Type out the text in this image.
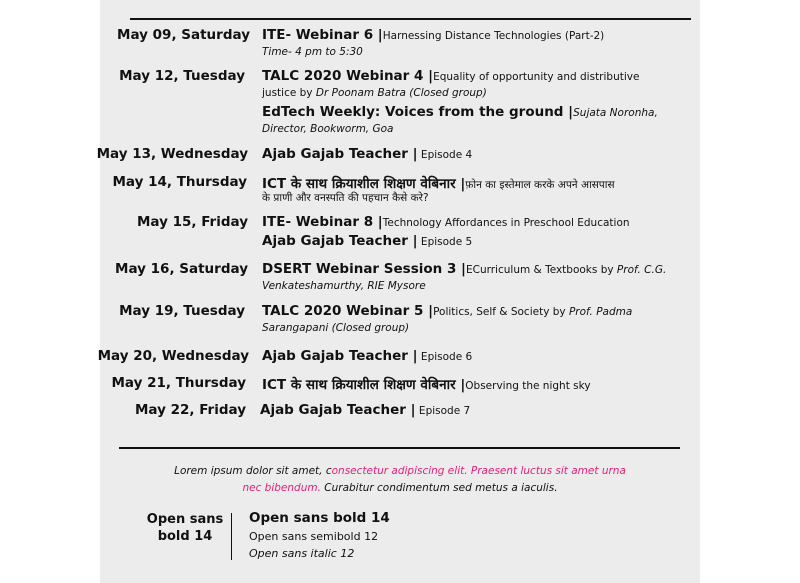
May 09, Saturday ITE- Webinar 6 |Harnessing Distance Technologies (Part-2)
Time- 4 pm to 5:30
May 12, Tuesday TALC 2020 Webinar 4 |Equality of opportunity and distributive
justice by Dr Poonam Batra (Closed group)
EdTech Weekly: Voices from the ground |Sujata Noronha,
Director, Bookworm, Goa
May 13, Wednesday Ajab Gajab Teacher | Episode 4
May 14, Thursday ICT के साथ क्रियाशील शिक्षण वेबिनार |फ़ोन का इस्तेमाल करके अपने आसपास
के प्राणी और वनस्पति की पहचान कैसे करे?
May 15, Friday ITE- Webinar 8 |Technology Affordances in Preschool Education
Ajab Gajab Teacher | Episode 5
May 16, Saturday DSERT Webinar Session 3 |ECurriculum & Textbooks by Prof. C.G.
Venkateshamurthy, RIE Mysore
May 19, Tuesday TALC 2020 Webinar 5 |Politics, Self & Society by Prof. Padma
Sarangapani (Closed group)
May 20, Wednesday Ajab Gajab Teacher | Episode 6
May 21, Thursday ICT के साथ क्रियाशील शिक्षण वेबिनार |Observing the night sky
May 22, Friday Ajab Gajab Teacher | Episode 7
Lorem ipsum dolor sit amet, consectetur adipiscing elit. Praesent luctus sit amet urna
nec bibendum. Curabitur condimentum sed metus a iaculis.
Open sans
bold 14
Open sans bold 14
Open sans semibold 12
Open sans italic 12
